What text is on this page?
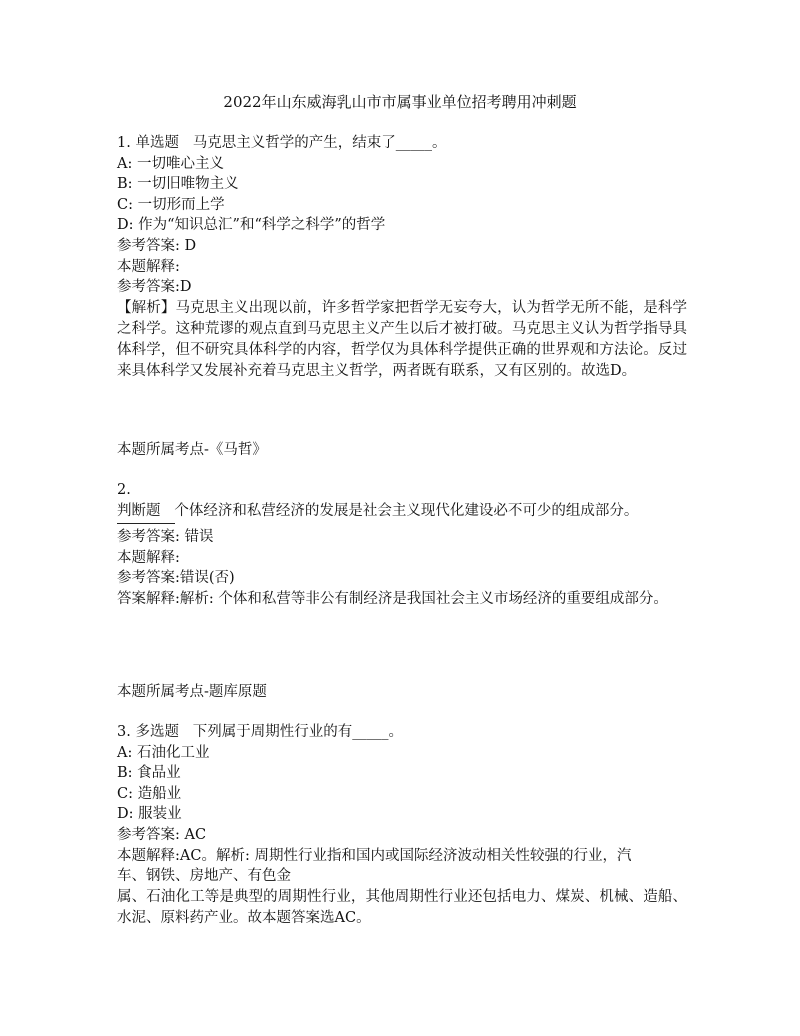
2022年山东威海乳山市市属事业单位招考聘用冲刺题
1. 单选题   马克思主义哲学的产生，结束了_____。
A: 一切唯心主义
B: 一切旧唯物主义
C: 一切形而上学
D: 作为“知识总汇”和“科学之科学”的哲学
参考答案: D
本题解释:
参考答案:D
【解析】马克思主义出现以前，许多哲学家把哲学无妄夸大，认为哲学无所不能，是科学之科学。这种荒谬的观点直到马克思主义产生以后才被打破。马克思主义认为哲学指导具体科学，但不研究具体科学的内容，哲学仅为具体科学提供正确的世界观和方法论。反过来具体科学又发展补充着马克思主义哲学，两者既有联系，又有区别的。故选D。
本题所属考点-《马哲》
2.
判断题   个体经济和私营经济的发展是社会主义现代化建设必不可少的组成部分。
参考答案: 错误
本题解释:
参考答案:错误(否)
答案解释:解析: 个体和私营等非公有制经济是我国社会主义市场经济的重要组成部分。
本题所属考点-题库原题
3. 多选题   下列属于周期性行业的有_____。
A: 石油化工业
B: 食品业
C: 造船业
D: 服装业
参考答案: AC
本题解释:AC。解析: 周期性行业指和国内或国际经济波动相关性较强的行业，汽
车、钢铁、房地产、有色金
属、石油化工等是典型的周期性行业，其他周期性行业还包括电力、煤炭、机械、造船、水泥、原料药产业。故本题答案选AC。
